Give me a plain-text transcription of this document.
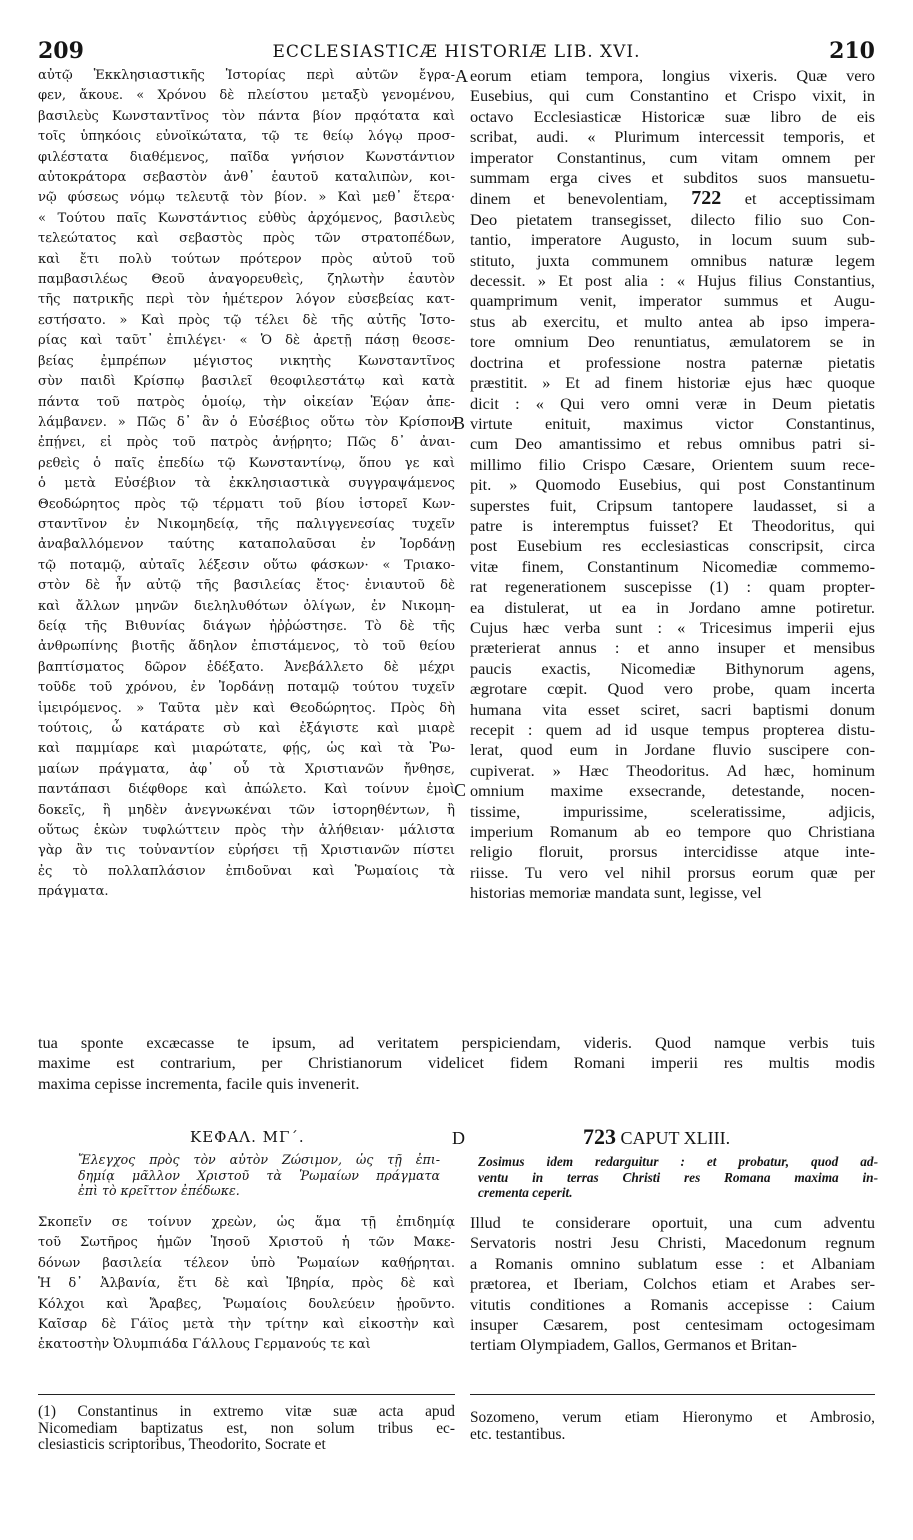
209	ECCLESIASTICÆ HISTORIÆ LIB. XVI.	210

αὐτῷ Ἐκκλησιαστικῆς Ἱστορίας περὶ αὐτῶν ἔγρα-

φεν, ἄκουε. « Χρόνου δὲ πλείστου μεταξὺ γενομένου,

βασιλεὺς Κωνσταντῖνος τὸν πάντα βίον πρᾳότατα καὶ

τοῖς ὑπηκόοις εὐνοϊκώτατα, τῷ τε θείῳ λόγῳ προσ-

φιλέστατα διαθέμενος, παῖδα γνήσιον Κωνστάντιον

αὐτοκράτορα σεβαστὸν ἀνθ᾽ ἑαυτοῦ καταλιπὼν, κοι-

νῷ φύσεως νόμῳ τελευτᾷ τὸν βίον. » Καὶ μεθ᾽ ἕτερα·

« Τούτου παῖς Κωνστάντιος εὐθὺς ἀρχόμενος, βασιλεὺς

τελεώτατος καὶ σεβαστὸς πρὸς τῶν στρατοπέδων,

καὶ ἔτι πολὺ τούτων πρότερον πρὸς αὐτοῦ τοῦ

παμβασιλέως Θεοῦ ἀναγορευθεὶς, ζηλωτὴν ἑαυτὸν

τῆς πατρικῆς περὶ τὸν ἡμέτερον λόγον εὐσεβείας κατ-

εστήσατο. » Καὶ πρὸς τῷ τέλει δὲ τῆς αὐτῆς Ἱστο-

ρίας καὶ ταῦτ᾽ ἐπιλέγει· « Ὁ δὲ ἀρετῇ πάσῃ θεοσε-

βείας ἐμπρέπων μέγιστος νικητὴς Κωνσταντῖνος

σὺν παιδὶ Κρίσπῳ βασιλεῖ θεοφιλεστάτῳ καὶ κατὰ

πάντα τοῦ πατρὸς ὁμοίῳ, τὴν οἰκείαν Ἑῴαν ἀπε-

λάμβανεν. » Πῶς δ᾽ ἂν ὁ Εὐσέβιος οὕτω τὸν Κρίσπον

ἐπῄνει, εἰ πρὸς τοῦ πατρὸς ἀνῄρητο; Πῶς δ᾽ ἀναι-

ρεθεὶς ὁ παῖς ἐπεδίω τῷ Κωνσταντίνῳ, ὅπου γε καὶ

ὁ μετὰ Εὐσέβιον τὰ ἐκκλησιαστικὰ συγγραψάμενος

Θεοδώρητος πρὸς τῷ τέρματι τοῦ βίου ἱστορεῖ Κων-

σταντῖνον ἐν Νικομηδείᾳ, τῆς παλιγγενεσίας τυχεῖν

ἀναβαλλόμενον ταύτης καταπολαῦσαι ἐν Ἰορδάνῃ

τῷ ποταμῷ, αὐταῖς λέξεσιν οὕτω φάσκων· « Τριακο-

στὸν δὲ ἦν αὐτῷ τῆς βασιλείας ἔτος· ἐνιαυτοῦ δὲ

καὶ ἄλλων μηνῶν διεληλυθότων ὀλίγων, ἐν Νικομη-

δείᾳ τῆς Βιθυνίας διάγων ἠῤῥώστησε. Τὸ δὲ τῆς

ἀνθρωπίνης βιοτῆς ἄδηλον ἐπιστάμενος, τὸ τοῦ θείου

βαπτίσματος δῶρον ἐδέξατο. Ἀνεβάλλετο δὲ μέχρι

τοῦδε τοῦ χρόνου, ἐν Ἰορδάνῃ ποταμῷ τούτου τυχεῖν

ἱμειρόμενος. » Ταῦτα μὲν καὶ Θεοδώρητος. Πρὸς δὴ

τούτοις, ὦ κατάρατε σὺ καὶ ἐξάγιστε καὶ μιαρὲ

καὶ παμμίαρε καὶ μιαρώτατε, φῄς, ὡς καὶ τὰ Ῥω-

μαίων πράγματα, ἀφ᾽ οὗ τὰ Χριστιανῶν ἤνθησε,

παντάπασι διέφθορε καὶ ἀπώλετο. Καὶ τοίνυν ἐμοὶ

δοκεῖς, ἢ μηδὲν ἀνεγνωκέναι τῶν ἱστορηθέντων, ἢ

οὕτως ἑκὼν τυφλώττειν πρὸς τὴν ἀλήθειαν· μάλιστα

γὰρ ἂν τις τοὐναντίον εὑρήσει τῇ Χριστιανῶν πίστει

ἐς τὸ πολλαπλάσιον ἐπιδοῦναι καὶ Ῥωμαίοις τὰ

πράγματα.

eorum etiam tempora, longius vixeris. Quæ vero

Eusebius, qui cum Constantino et Crispo vixit, in

octavo Ecclesiasticæ Historicæ suæ libro de eis

scribat, audi. « Plurimum intercessit temporis, et

imperator Constantinus, cum vitam omnem per

summam erga cives et subditos suos mansuetu-

dinem et benevolentiam, 722 et acceptissimam

Deo pietatem transegisset, dilecto filio suo Con-

tantio, imperatore Augusto, in locum suum sub-

stituto, juxta communem omnibus naturæ legem

decessit. » Et post alia : « Hujus filius Constantius,

quamprimum venit, imperator summus et Augu-

stus ab exercitu, et multo antea ab ipso impera-

tore omnium Deo renuntiatus, æmulatorem se in

doctrina et professione nostra paternæ pietatis

præstitit. » Et ad finem historiæ ejus hæc quoque

dicit : « Qui vero omni veræ in Deum pietatis

virtute enituit, maximus victor Constantinus,

cum Deo amantissimo et rebus omnibus patri si-

millimo filio Crispo Cæsare, Orientem suum rece-

pit. » Quomodo Eusebius, qui post Constantinum

superstes fuit, Cripsum tantopere laudasset, si a

patre is interemptus fuisset? Et Theodoritus, qui

post Eusebium res ecclesiasticas conscripsit, circa

vitæ finem, Constantinum Nicomediæ commemo-

rat regenerationem suscepisse (1) : quam propter-

ea distulerat, ut ea in Jordano amne potiretur.

Cujus hæc verba sunt : « Tricesimus imperii ejus

præterierat annus : et anno insuper et mensibus

paucis exactis, Nicomediæ Bithynorum agens,

ægrotare cœpit. Quod vero probe, quam incerta

humana vita esset sciret, sacri baptismi donum

recepit : quem ad id usque tempus propterea distu-

lerat, quod eum in Jordane fluvio suscipere con-

cupiverat. » Hæc Theodoritus. Ad hæc, hominum

omnium maxime exsecrande, detestande, nocen-

tissime, impurissime, sceleratissime, adjicis,

imperium Romanum ab eo tempore quo Christiana

religio floruit, prorsus intercidisse atque inte-

riisse. Tu vero vel nihil prorsus eorum quæ per

historias memoriæ mandata sunt, legisse, vel

A
B
C

tua sponte excæcasse te ipsum, ad veritatem perspiciendam, videris. Quod namque verbis tuis

maxime est contrarium, per Christianorum videlicet fidem Romani imperii res multis modis

maxima cepisse incrementa, facile quis invenerit.

ΚΕΦΑΛ. ΜΓ΄.	D	723 CAPUT XLIII.

Ἔλεγχος πρὸς τὸν αὐτὸν Ζώσιμον, ὡς τῇ ἐπι-

δημίᾳ μᾶλλον Χριστοῦ τὰ Ῥωμαίων πράγματα

ἐπὶ τὸ κρεῖττον ἐπέδωκε.

Zosimus idem redarguitur : et probatur, quod ad-

ventu in terras Christi res Romana maxima in-

crementa ceperit.

Σκοπεῖν σε τοίνυν χρεὼν, ὡς ἅμα τῇ ἐπιδημίᾳ

τοῦ Σωτῆρος ἡμῶν Ἰησοῦ Χριστοῦ ἡ τῶν Μακε-

δόνων βασιλεία τέλεον ὑπὸ Ῥωμαίων καθῄρηται.

Ἡ δ᾽ Ἀλβανία, ἔτι δὲ καὶ Ἰβηρία, πρὸς δὲ καὶ

Κόλχοι καὶ Ἄραβες, Ῥωμαίοις δουλεύειν ᾑροῦντο.

Καῖσαρ δὲ Γάϊος μετὰ τὴν τρίτην καὶ εἰκοστὴν καὶ

ἑκατοστὴν Ὀλυμπιάδα Γάλλους Γερμανούς τε καὶ

Illud te considerare oportuit, una cum adventu

Servatoris nostri Jesu Christi, Macedonum regnum

a Romanis omnino sublatum esse : et Albaniam

prætorea, et Iberiam, Colchos etiam et Arabes ser-

vitutis conditiones a Romanis accepisse : Caium

insuper Cæsarem, post centesimam octogesimam

tertiam Olympiadem, Gallos, Germanos et Britan-

(1) Constantinus in extremo vitæ suæ acta apud

Nicomediam baptizatus est, non solum tribus ec-

clesiasticis scriptoribus, Theodorito, Socrate et

Sozomeno, verum etiam Hieronymo et Ambrosio,

etc. testantibus.
